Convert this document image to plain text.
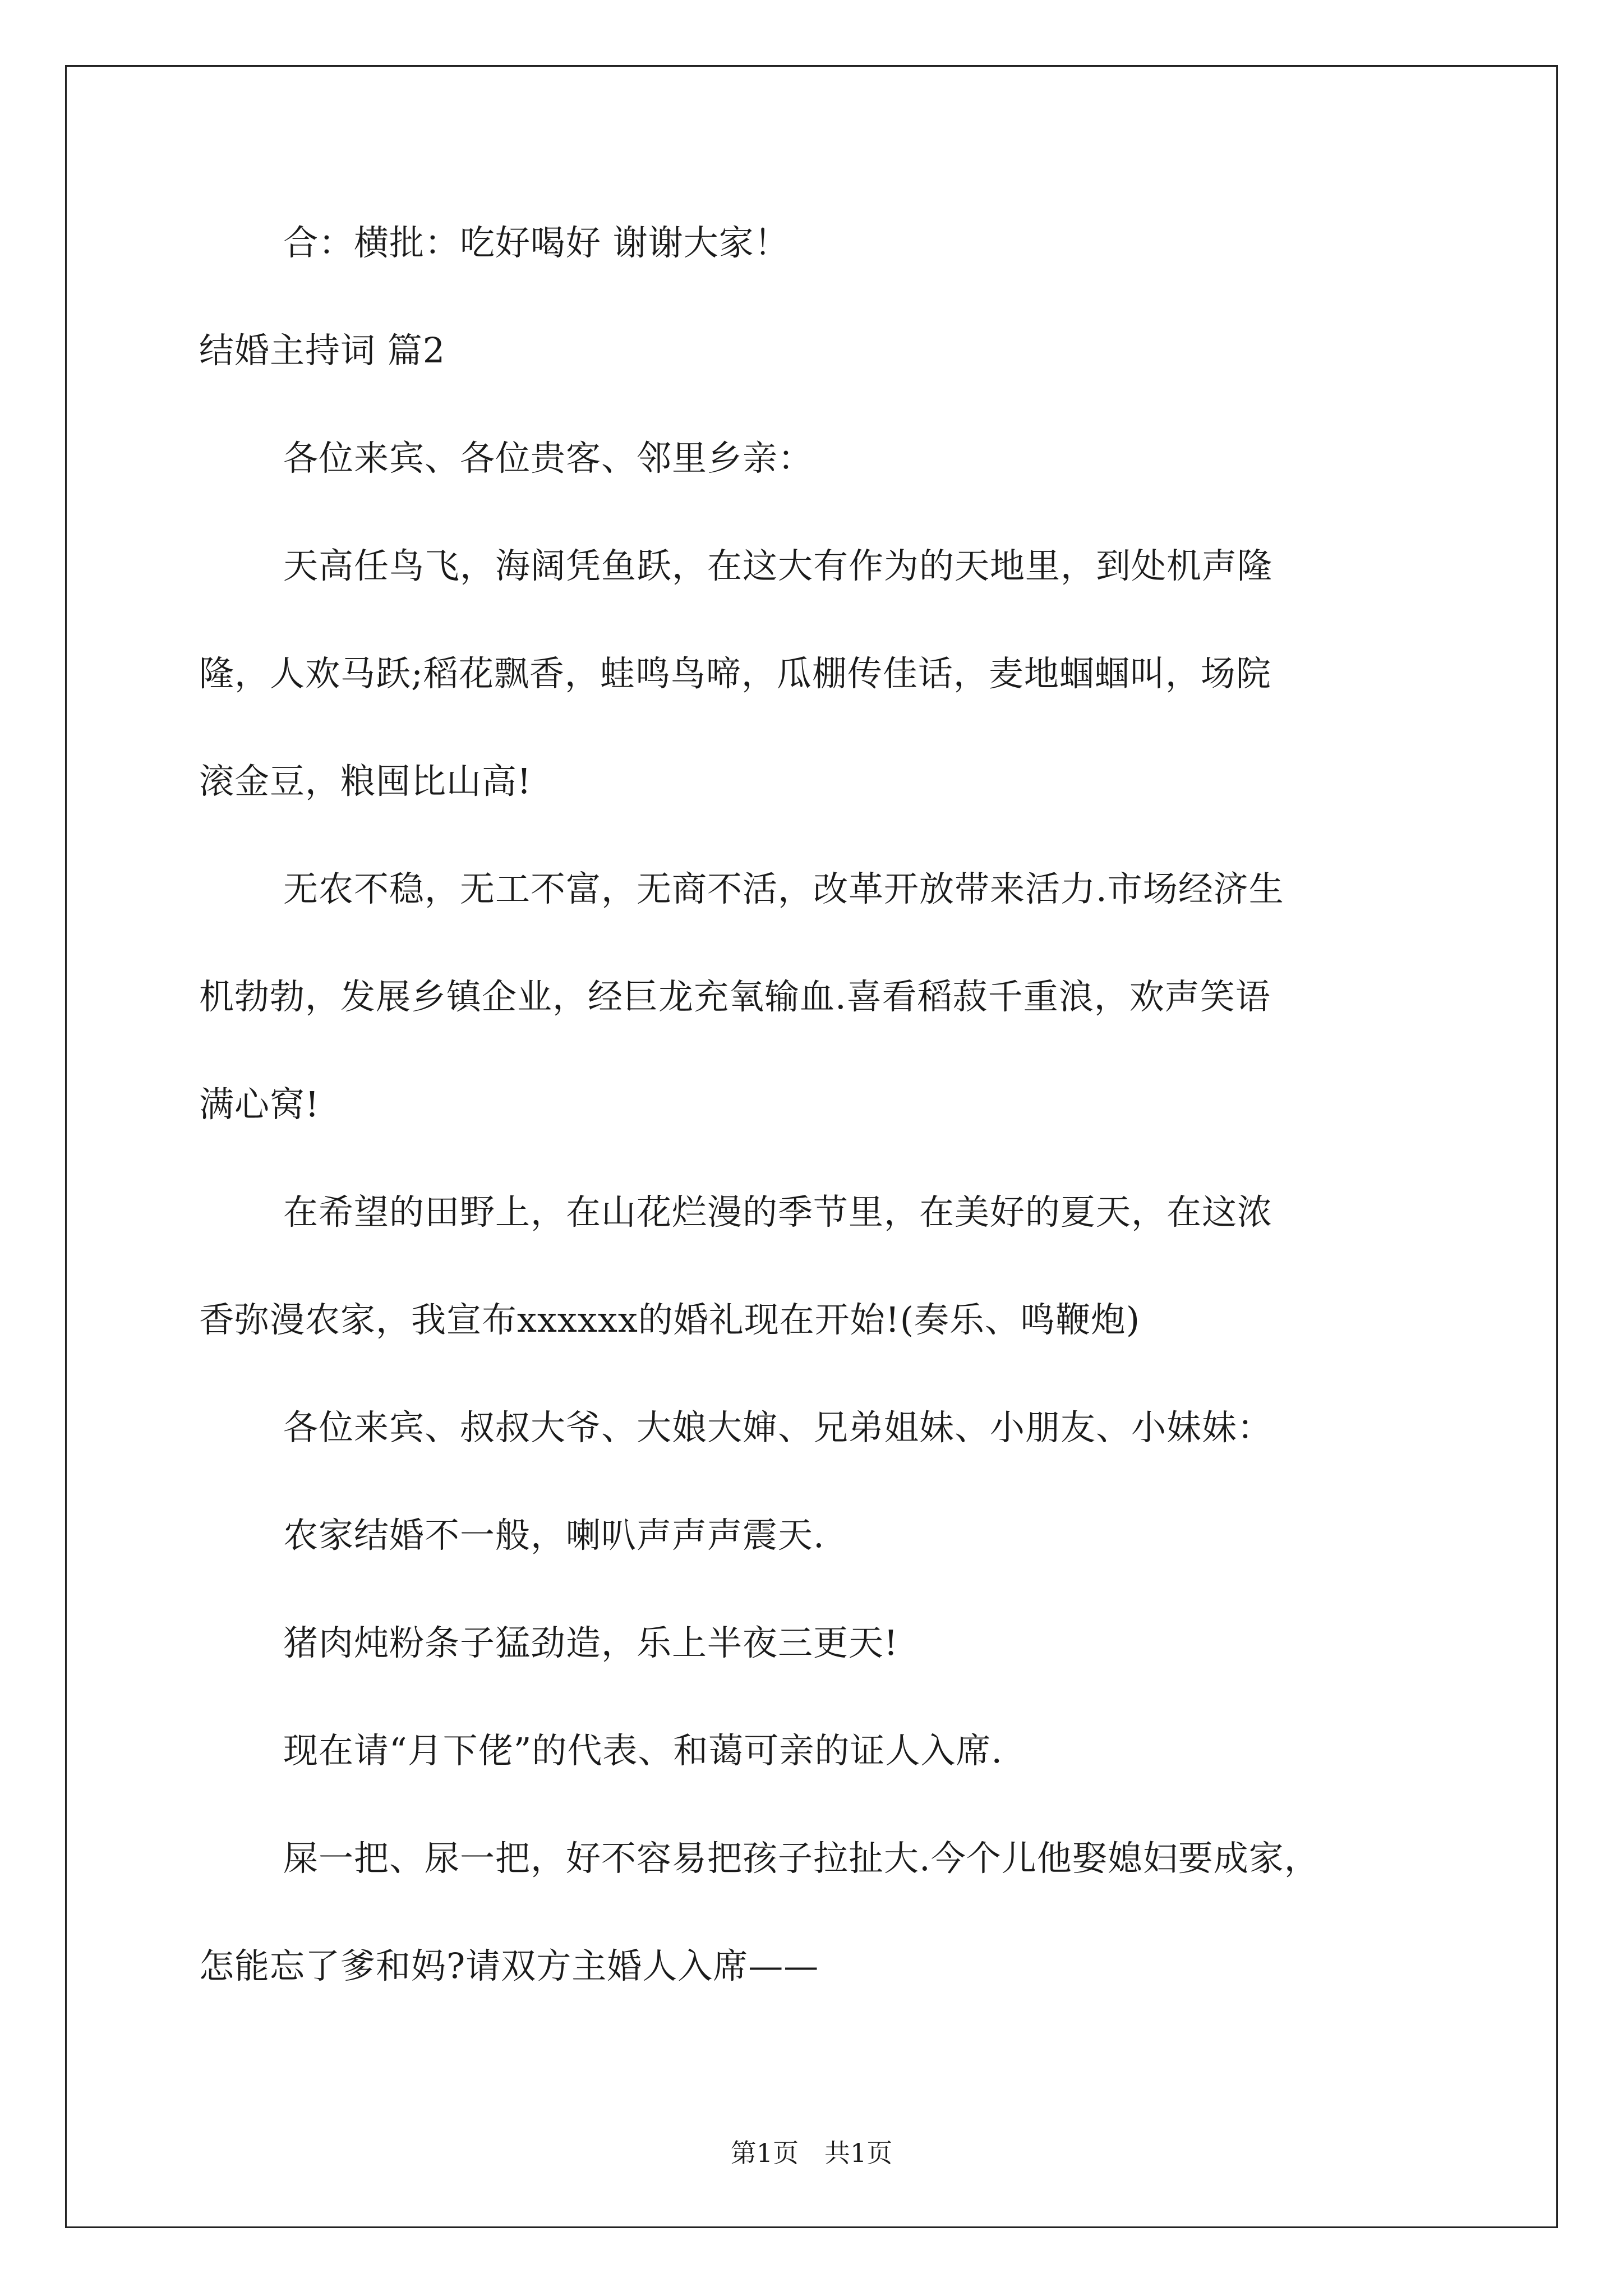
合：横批：吃好喝好 谢谢大家！
结婚主持词 篇2
各位来宾、各位贵客、邻里乡亲：
天高任鸟飞，海阔凭鱼跃，在这大有作为的天地里，到处机声隆
隆，人欢马跃;稻花飘香，蛙鸣鸟啼，瓜棚传佳话，麦地蝈蝈叫，场院
滚金豆，粮囤比山高!
无农不稳，无工不富，无商不活，改革开放带来活力.市场经济生
机勃勃，发展乡镇企业，经巨龙充氧输血.喜看稻菽千重浪，欢声笑语
满心窝!
在希望的田野上，在山花烂漫的季节里，在美好的夏天，在这浓
香弥漫农家，我宣布xxxxxx的婚礼现在开始!(奏乐、鸣鞭炮)
各位来宾、叔叔大爷、大娘大婶、兄弟姐妹、小朋友、小妹妹：
农家结婚不一般，喇叭声声声震天.
猪肉炖粉条子猛劲造，乐上半夜三更天!
现在请“月下佬”的代表、和蔼可亲的证人入席.
屎一把、尿一把，好不容易把孩子拉扯大.今个儿他娶媳妇要成家，
怎能忘了爹和妈?请双方主婚人入席——
第1页　共1页
